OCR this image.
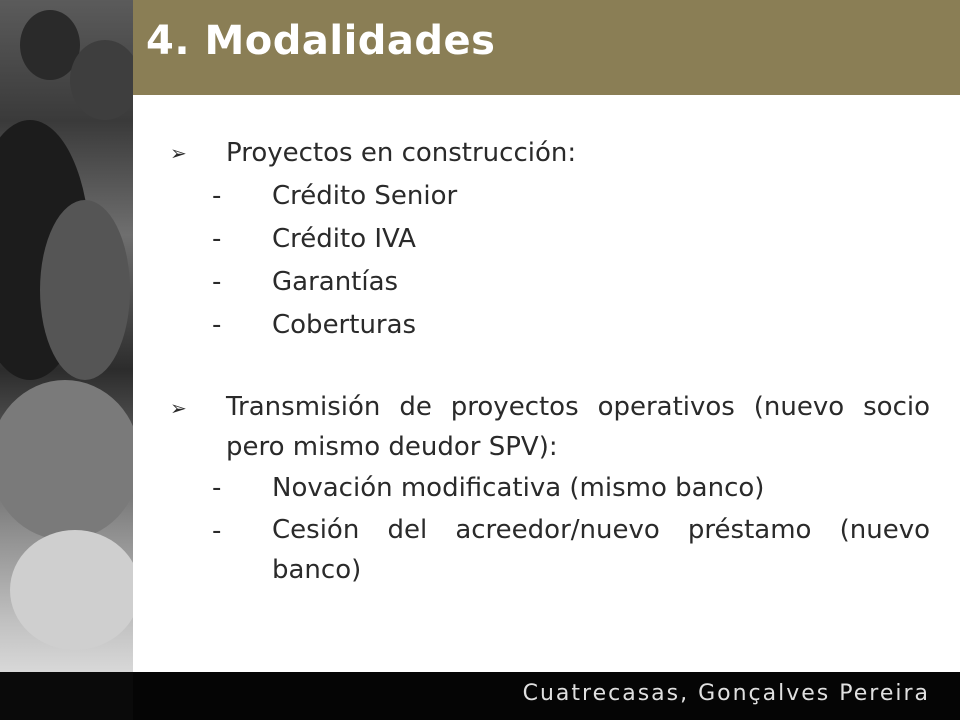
4. Modalidades
➢	Proyectos en construcción:
-	Crédito Senior
-	Crédito IVA
-	Garantías
-	Coberturas
➢	Transmisión de proyectos operativos (nuevo socio pero mismo deudor SPV):
-	Novación modificativa (mismo banco)
-	Cesión del acreedor/nuevo préstamo (nuevo banco)
Cuatrecasas, Gonçalves Pereira
